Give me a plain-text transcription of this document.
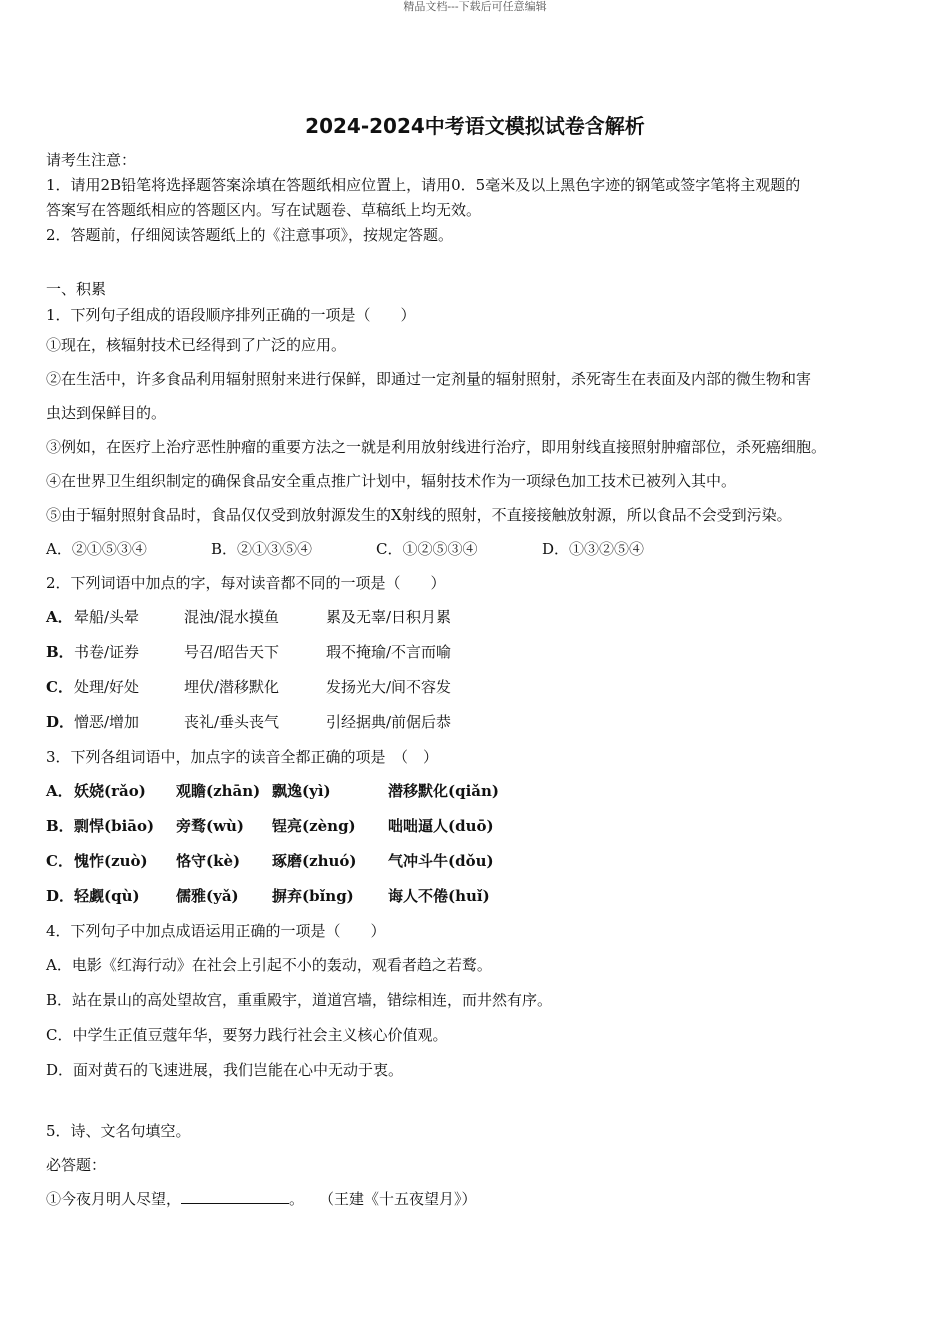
精品文档---下载后可任意编辑
2024-2024中考语文模拟试卷含解析
请考生注意：
1．请用2B铅笔将选择题答案涂填在答题纸相应位置上，请用0．5毫米及以上黑色字迹的钢笔或签字笔将主观题的
答案写在答题纸相应的答题区内。写在试题卷、草稿纸上均无效。
2．答题前，仔细阅读答题纸上的《注意事项》，按规定答题。
一、积累
1．下列句子组成的语段顺序排列正确的一项是（　　）
①现在，核辐射技术已经得到了广泛的应用。
②在生活中，许多食品利用辐射照射来进行保鲜，即通过一定剂量的辐射照射，杀死寄生在表面及内部的微生物和害
虫达到保鲜目的。
③例如，在医疗上治疗恶性肿瘤的重要方法之一就是利用放射线进行治疗，即用射线直接照射肿瘤部位，杀死癌细胞。
④在世界卫生组织制定的确保食品安全重点推广计划中，辐射技术作为一项绿色加工技术已被列入其中。
⑤由于辐射照射食品时，食品仅仅受到放射源发生的X射线的照射，不直接接触放射源，所以食品不会受到污染。
A．②①⑤③④	B．②①③⑤④	C．①②⑤③④	D．①③②⑤④
2．下列词语中加点的字，每对读音都不同的一项是（　　）
A． 晕船/头晕	混浊/混水摸鱼	累及无辜/日积月累
B． 书卷/证券	号召/昭告天下	瑕不掩瑜/不言而喻
C． 处理/好处	埋伏/潜移默化	发扬光大/间不容发
D． 憎恶/增加	丧礼/垂头丧气	引经据典/前倨后恭
3．下列各组词语中，加点字的读音全都正确的项是　（　）
A． 妖娆(rǎo)	观瞻(zhān) 飘逸(yì)	潜移默化(qiǎn)
B． 剽悍(biāo)	旁骛(wù)	锃亮(zèng)	咄咄逼人(duō)
C． 愧怍(zuò)	恪守(kè)	琢磨(zhuó)	气冲斗牛(dǒu)
D． 轻觑(qù)	儒雅(yǎ)	摒弃(bǐng)	诲人不倦(huǐ)
4．下列句子中加点成语运用正确的一项是（　　）
A．电影《红海行动》在社会上引起不小的轰动，观看者趋之若鹜。
B．站在景山的高处望故宫，重重殿宇，道道宫墙，错综相连，而井然有序。
C．中学生正值豆蔻年华，要努力践行社会主义核心价值观。
D．面对黄石的飞速进展，我们岂能在心中无动于衷。
5．诗、文名句填空。
必答题：
①今夜月明人尽望，	。　　（王建《十五夜望月》）
